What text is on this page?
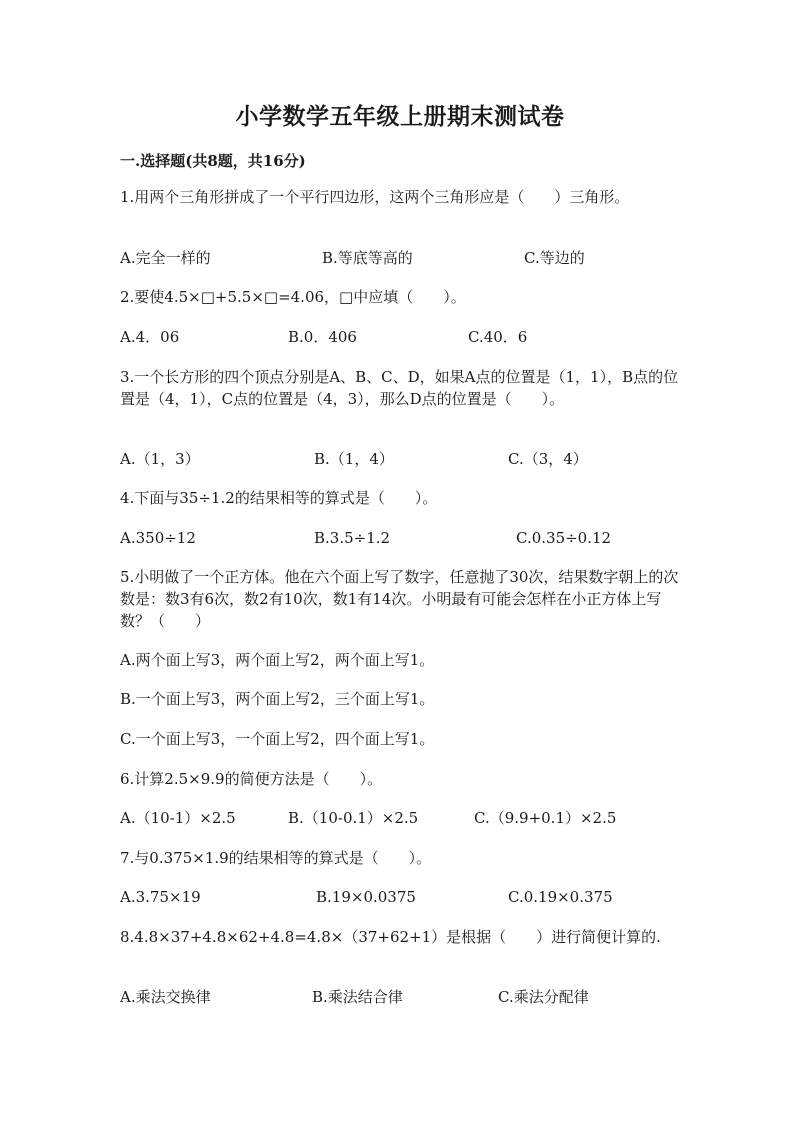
小学数学五年级上册期末测试卷
一.选择题(共8题，共16分)
1.用两个三角形拼成了一个平行四边形，这两个三角形应是（　　）三角形。
A.完全一样的	B.等底等高的	C.等边的
2.要使4.5×□+5.5×□=4.06，□中应填（　　）。
A.4．06	B.0．406	C.40．6
3.一个长方形的四个顶点分别是A、B、C、D，如果A点的位置是（1，1），B点的位置是（4，1），C点的位置是（4，3），那么D点的位置是（　　）。
A.（1，3）	B.（1，4）	C.（3，4）
4.下面与35÷1.2的结果相等的算式是（　　）。
A.350÷12	B.3.5÷1.2	C.0.35÷0.12
5.小明做了一个正方体。他在六个面上写了数字，任意抛了30次，结果数字朝上的次数是：数3有6次，数2有10次，数1有14次。小明最有可能会怎样在小正方体上写数？（　　）
A.两个面上写3，两个面上写2，两个面上写1。
B.一个面上写3，两个面上写2，三个面上写1。
C.一个面上写3，一个面上写2，四个面上写1。
6.计算2.5×9.9的简便方法是（　　）。
A.（10-1）×2.5	B.（10-0.1）×2.5	C.（9.9+0.1）×2.5
7.与0.375×1.9的结果相等的算式是（　　）。
A.3.75×19	B.19×0.0375	C.0.19×0.375
8.4.8×37+4.8×62+4.8=4.8×（37+62+1）是根据（　　）进行简便计算的.
A.乘法交换律	B.乘法结合律	C.乘法分配律
